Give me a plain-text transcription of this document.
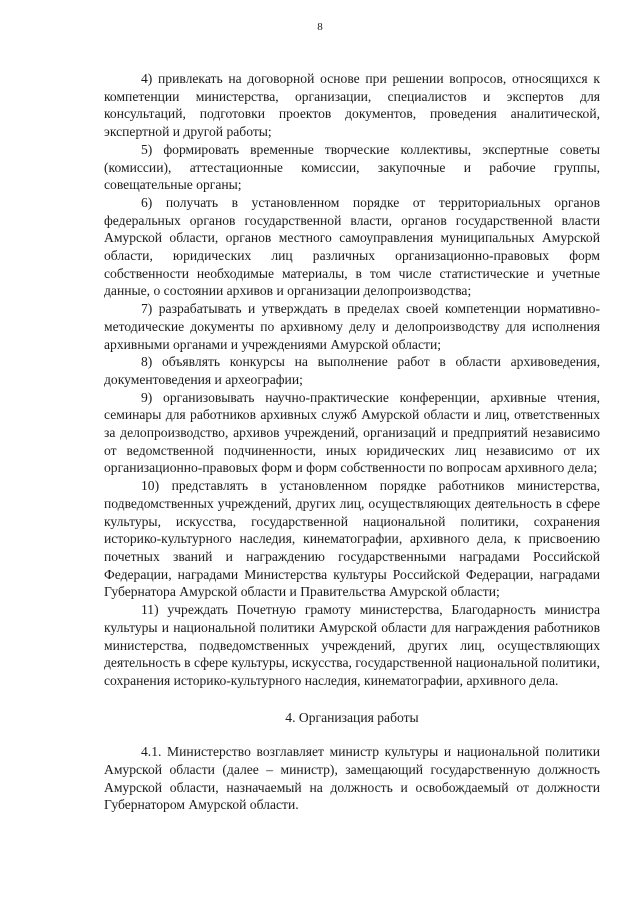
8

4) привлекать на договорной основе при решении вопросов, относящихся к компетенции министерства, организации, специалистов и экспертов для консультаций, подготовки проектов документов, проведения аналитической, экспертной и другой работы;

5) формировать временные творческие коллективы, экспертные советы (комиссии), аттестационные комиссии, закупочные и рабочие группы, совещательные органы;

6) получать в установленном порядке от территориальных органов федеральных органов государственной власти, органов государственной власти Амурской области, органов местного самоуправления муниципальных Амурской области, юридических лиц различных организационно-правовых форм собственности необходимые материалы, в том числе статистические и учетные данные, о состоянии архивов и организации делопроизводства;

7) разрабатывать и утверждать в пределах своей компетенции нормативно-методические документы по архивному делу и делопроизводству для исполнения архивными органами и учреждениями Амурской области;

8) объявлять конкурсы на выполнение работ в области архивоведения, документоведения и археографии;

9) организовывать научно-практические конференции, архивные чтения, семинары для работников архивных служб Амурской области и лиц, ответственных за делопроизводство, архивов учреждений, организаций и предприятий независимо от ведомственной подчиненности, иных юридических лиц независимо от их организационно-правовых форм и форм собственности по вопросам архивного дела;

10) представлять в установленном порядке работников министерства, подведомственных учреждений, других лиц, осуществляющих деятельность в сфере культуры, искусства, государственной национальной политики, сохранения историко-культурного наследия, кинематографии, архивного дела, к присвоению почетных званий и награждению государственными наградами Российской Федерации, наградами Министерства культуры Российской Федерации, наградами Губернатора Амурской области и Правительства Амурской области;

11) учреждать Почетную грамоту министерства, Благодарность министра культуры и национальной политики Амурской области для награждения работников министерства, подведомственных учреждений, других лиц, осуществляющих деятельность в сфере культуры, искусства, государственной национальной политики, сохранения историко-культурного наследия, кинематографии, архивного дела.

4. Организация работы

4.1. Министерство возглавляет министр культуры и национальной политики Амурской области (далее – министр), замещающий государственную должность Амурской области, назначаемый на должность и освобождаемый от должности Губернатором Амурской области.
